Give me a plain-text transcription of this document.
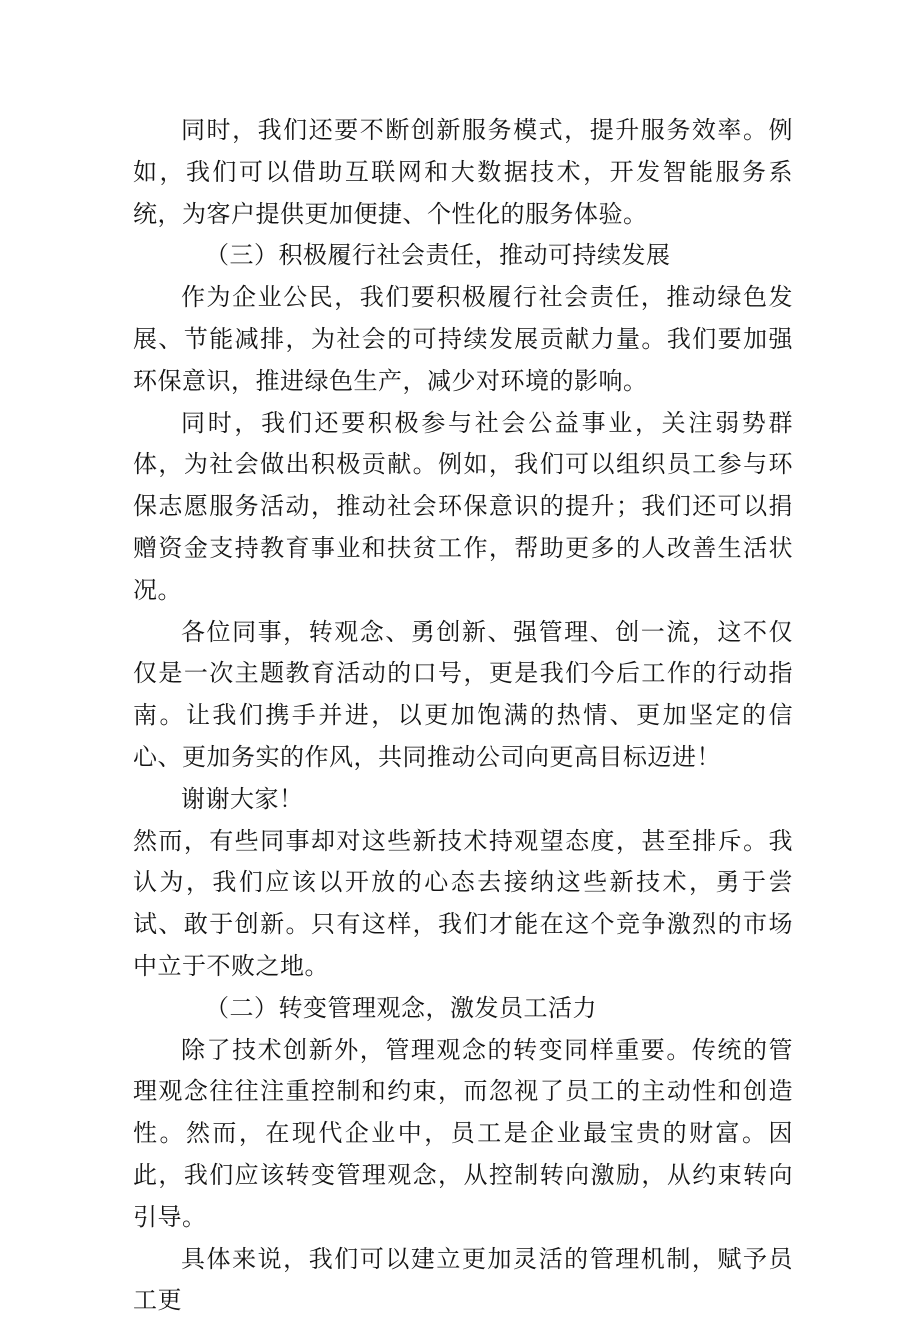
同时，我们还要不断创新服务模式，提升服务效率。例如，我们可以借助互联网和大数据技术，开发智能服务系统，为客户提供更加便捷、个性化的服务体验。

（三）积极履行社会责任，推动可持续发展

作为企业公民，我们要积极履行社会责任，推动绿色发展、节能减排，为社会的可持续发展贡献力量。我们要加强环保意识，推进绿色生产，减少对环境的影响。

同时，我们还要积极参与社会公益事业，关注弱势群体，为社会做出积极贡献。例如，我们可以组织员工参与环保志愿服务活动，推动社会环保意识的提升；我们还可以捐赠资金支持教育事业和扶贫工作，帮助更多的人改善生活状况。

各位同事，转观念、勇创新、强管理、创一流，这不仅仅是一次主题教育活动的口号，更是我们今后工作的行动指南。让我们携手并进，以更加饱满的热情、更加坚定的信心、更加务实的作风，共同推动公司向更高目标迈进！

谢谢大家！

然而，有些同事却对这些新技术持观望态度，甚至排斥。我认为，我们应该以开放的心态去接纳这些新技术，勇于尝试、敢于创新。只有这样，我们才能在这个竞争激烈的市场中立于不败之地。

（二）转变管理观念，激发员工活力

除了技术创新外，管理观念的转变同样重要。传统的管理观念往往注重控制和约束，而忽视了员工的主动性和创造性。然而，在现代企业中，员工是企业最宝贵的财富。因此，我们应该转变管理观念，从控制转向激励，从约束转向引导。

具体来说，我们可以建立更加灵活的管理机制，赋予员工更
